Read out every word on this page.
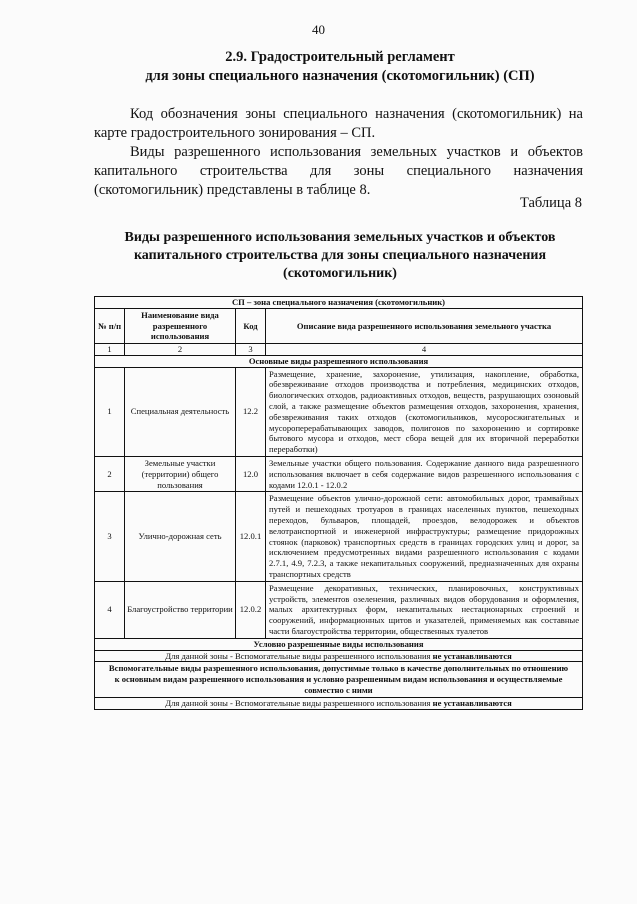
40
2.9. Градостроительный регламент
для зоны специального назначения (скотомогильник) (СП)
Код обозначения зоны специального назначения (скотомогильник) на карте градостроительного зонирования – СП.
Виды разрешенного использования земельных участков и объектов капитального строительства для зоны специального назначения (скотомогильник) представлены в таблице 8.
Таблица 8
Виды разрешенного использования земельных участков и объектов
капитального строительства для зоны специального назначения
(скотомогильник)
СП – зона специального назначения (скотомогильник)			
№ п/п	Наименование вида разрешенного использования	Код	Описание вида разрешенного использования земельного участка
1	2	3	4
Основные виды разрешенного использования			
1	Специальная деятельность	12.2	Размещение, хранение, захоронение, утилизация, накопление, обработка, обезвреживание отходов производства и потребления, медицинских отходов, биологических отходов, радиоактивных отходов, веществ, разрушающих озоновый слой, а также размещение объектов размещения отходов, захоронения, хранения, обезвреживания таких отходов (скотомогильников, мусоросжигательных и мусороперерабатывающих заводов, полигонов по захоронению и сортировке бытового мусора и отходов, мест сбора вещей для их вторичной переработки переработки)
2	Земельные участки (территории) общего пользования	12.0	Земельные участки общего пользования. Содержание данного вида разрешенного использования включает в себя содержание видов разрешенного использования с кодами 12.0.1 - 12.0.2
3	Улично-дорожная сеть	12.0.1	Размещение объектов улично-дорожной сети: автомобильных дорог, трамвайных путей и пешеходных тротуаров в границах населенных пунктов, пешеходных переходов, бульваров, площадей, проездов, велодорожек и объектов велотранспортной и инженерной инфраструктуры; размещение придорожных стоянок (парковок) транспортных средств в границах городских улиц и дорог, за исключением предусмотренных видами разрешенного использования с кодами 2.7.1, 4.9, 7.2.3, а также некапитальных сооружений, предназначенных для охраны транспортных средств
4	Благоустройство территории	12.0.2	Размещение декоративных, технических, планировочных, конструктивных устройств, элементов озеленения, различных видов оборудования и оформления, малых архитектурных форм, некапитальных нестационарных строений и сооружений, информационных щитов и указателей, применяемых как составные части благоустройства территории, общественных туалетов
Условно разрешенные виды использования			
Для данной зоны - Вспомогательные виды разрешенного использования не устанавливаются			
Вспомогательные виды разрешенного использования, допустимые только в качестве дополнительных по отношению к основным видам разрешенного использования и условно разрешенным видам использования и осуществляемые совместно с ними			
Для данной зоны - Вспомогательные виды разрешенного использования не устанавливаются			
